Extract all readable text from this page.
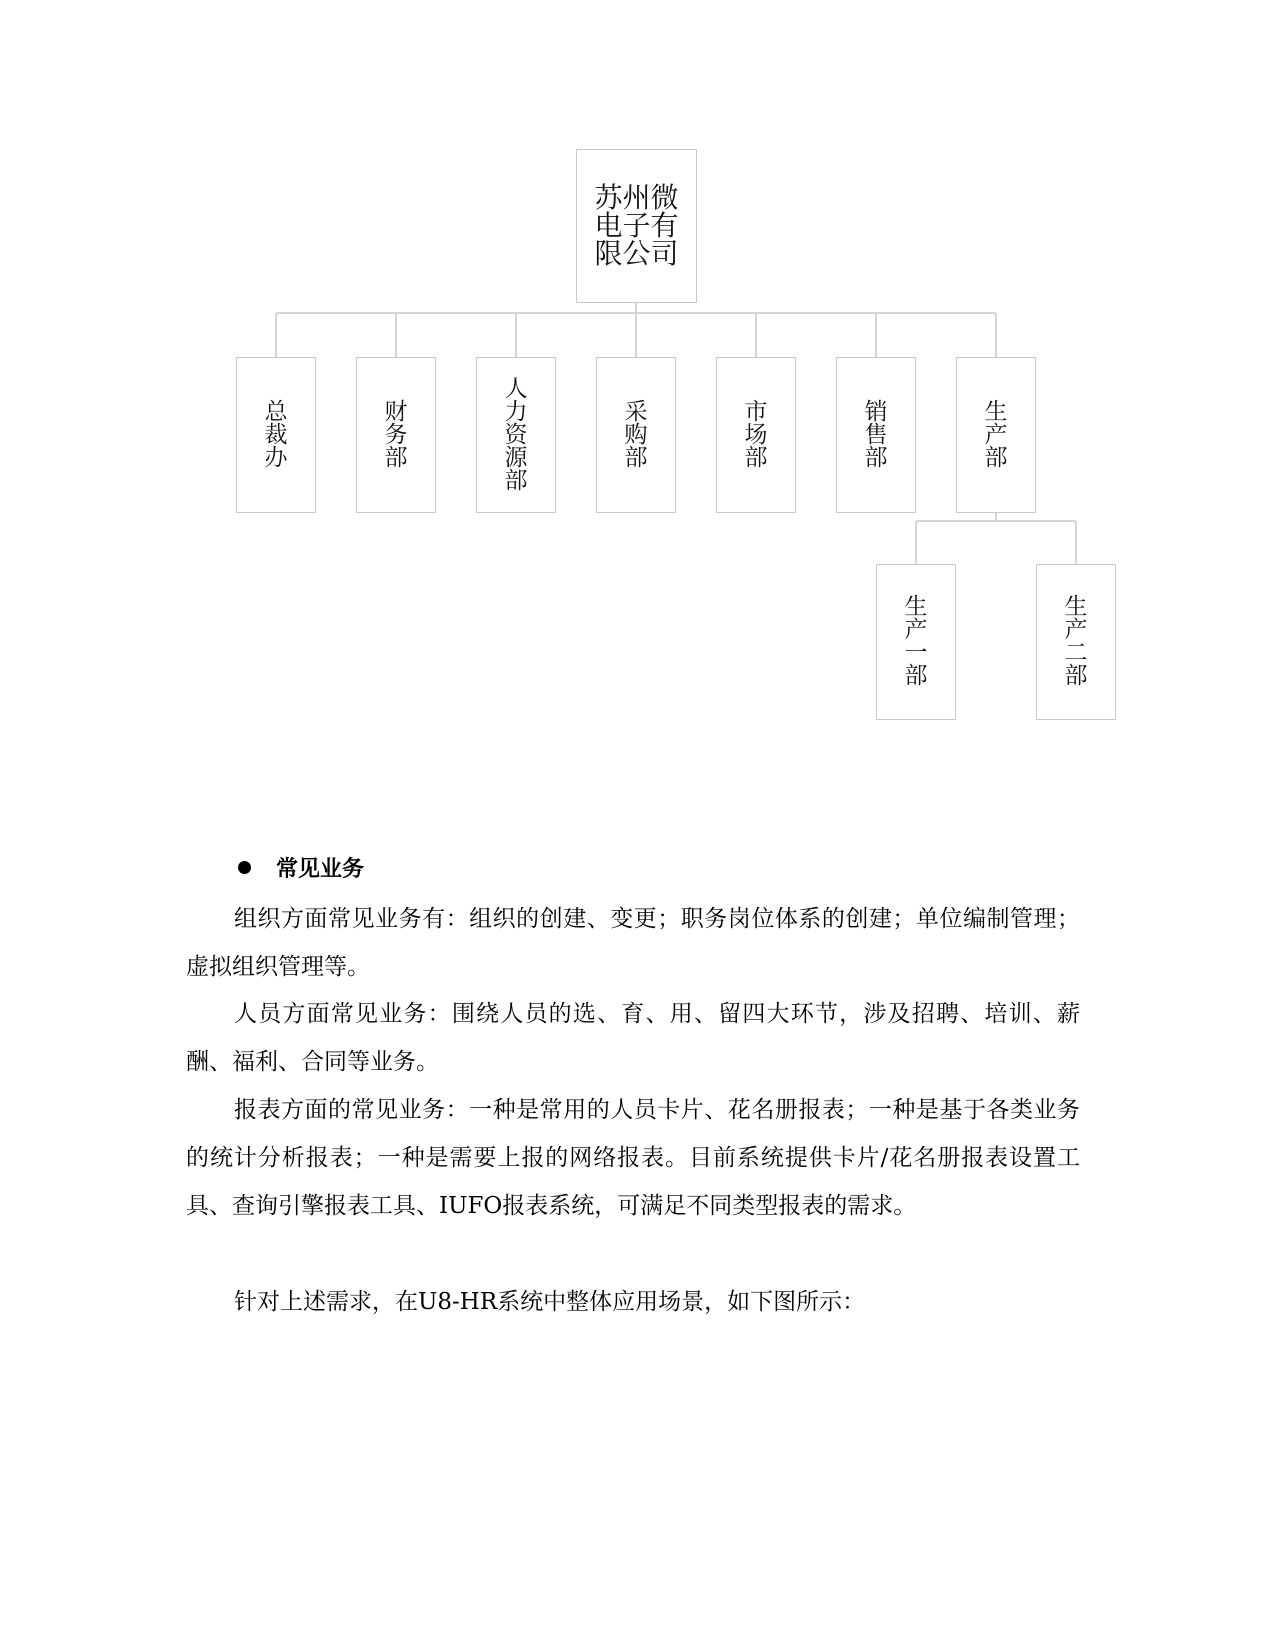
苏州微电子有限公司
总裁办
财务部
人力资源部
采购部
市场部
销售部
生产部
生产一部
生产二部
常见业务

组织方面常见业务有：组织的创建、变更；职务岗位体系的创建；单位编制管理；虚拟组织管理等。

人员方面常见业务：围绕人员的选、育、用、留四大环节，涉及招聘、培训、薪酬、福利、合同等业务。

报表方面的常见业务：一种是常用的人员卡片、花名册报表；一种是基于各类业务的统计分析报表；一种是需要上报的网络报表。目前系统提供卡片/花名册报表设置工具、查询引擎报表工具、IUFO报表系统，可满足不同类型报表的需求。

针对上述需求，在U8-HR系统中整体应用场景，如下图所示：
